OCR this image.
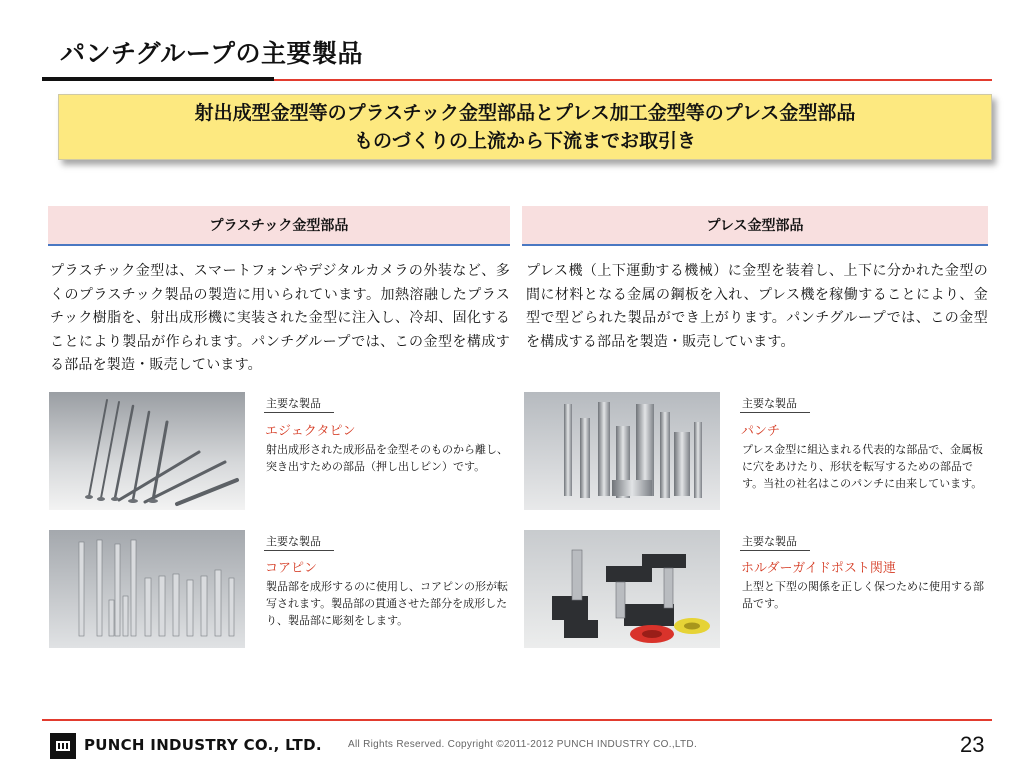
パンチグループの主要製品
射出成型金型等のプラスチック金型部品とプレス加工金型等のプレス金型部品
ものづくりの上流から下流までお取引き
プラスチック金型部品	プレス金型部品
プラスチック金型は、スマートフォンやデジタルカメラの外装など、多くのプラスチック製品の製造に用いられています。加熱溶融したプラスチック樹脂を、射出成形機に実装された金型に注入し、冷却、固化することにより製品が作られます。パンチグループでは、この金型を構成する部品を製造・販売しています。
プレス機（上下運動する機械）に金型を装着し、上下に分かれた金型の間に材料となる金属の鋼板を入れ、プレス機を稼働することにより、金型で型どられた製品ができ上がります。パンチグループでは、この金型を構成する部品を製造・販売しています。
主要な製品
エジェクタピン
射出成形された成形品を金型そのものから離し、突き出すための部品（押し出しピン）です。
主要な製品
パンチ
プレス金型に組込まれる代表的な部品で、金属板に穴をあけたり、形状を転写するための部品です。当社の社名はこのパンチに由来しています。
主要な製品
コアピン
製品部を成形するのに使用し、コアピンの形が転写されます。製品部の貫通させた部分を成形したり、製品部に彫刻をします。
主要な製品
ホルダーガイドポスト関連
上型と下型の関係を正しく保つために使用する部品です。
PUNCH INDUSTRY CO., LTD.	All Rights Reserved. Copyright ©2011-2012 PUNCH INDUSTRY CO.,LTD.	23
